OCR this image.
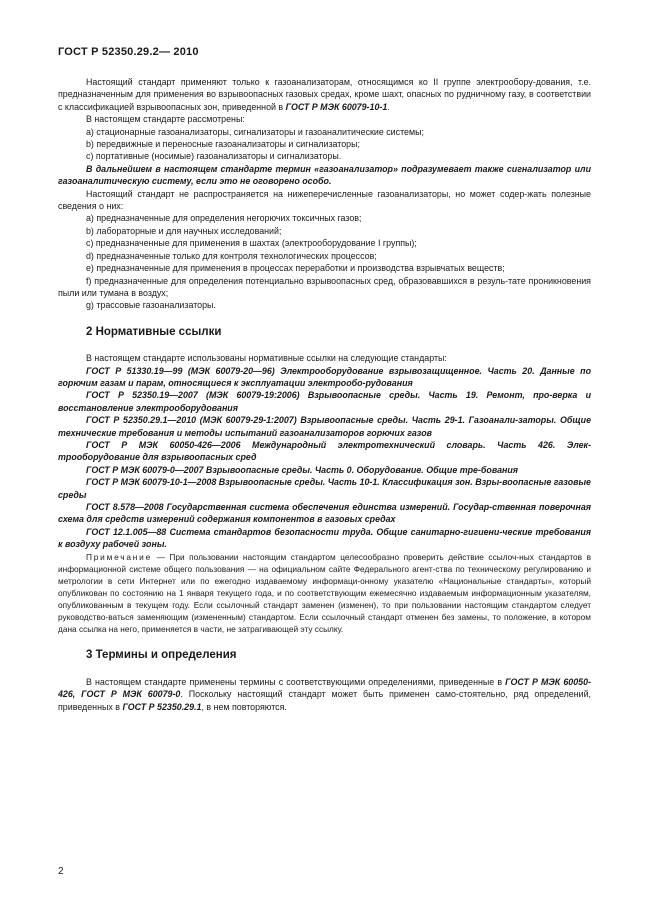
ГОСТ Р 52350.29.2— 2010

Настоящий стандарт применяют только к газоанализаторам, относящимся ко II группе электрообору-дования, т.е. предназначенным для применения во взрывоопасных газовых средах, кроме шахт, опасных по рудничному газу, в соответствии с классификацией взрывоопасных зон, приведенной в ГОСТ Р МЭК 60079-10-1.

В настоящем стандарте рассмотрены:

a) стационарные газоанализаторы, сигнализаторы и газоаналитические системы;

b) передвижные и переносные газоанализаторы и сигнализаторы;

c) портативные (носимые) газоанализаторы и сигнализаторы.

В дальнейшем в настоящем стандарте термин «газоанализатор» подразумевает также сигнализатор или газоаналитическую систему, если это не оговорено особо.

Настоящий стандарт не распространяется на нижеперечисленные газоанализаторы, но может содер-жать полезные сведения о них:

a) предназначенные для определения негорючих токсичных газов;

b) лабораторные и для научных исследований;

c) предназначенные для применения в шахтах (электрооборудование I группы);

d) предназначенные только для контроля технологических процессов;

e) предназначенные для применения в процессах переработки и производства взрывчатых веществ;

f) предназначенные для определения потенциально взрывоопасных сред, образовавшихся в резуль-тате проникновения пыли или тумана в воздух;

g) трассовые газоанализаторы.

2 Нормативные ссылки

В настоящем стандарте использованы нормативные ссылки на следующие стандарты:

ГОСТ Р 51330.19—99 (МЭК 60079-20—96) Электрооборудование взрывозащищенное. Часть 20. Данные по горючим газам и парам, относящиеся к эксплуатации электрообо-рудования

ГОСТ Р 52350.19—2007 (МЭК 60079-19:2006) Взрывоопасные среды. Часть 19. Ремонт, про-верка и восстановление электрооборудования

ГОСТ Р 52350.29.1—2010 (МЭК 60079-29-1:2007) Взрывоопасные среды. Часть 29-1. Газоанали-заторы. Общие технические требования и методы испытаний газоанализаторов горючих газов

ГОСТ Р МЭК 60050-426—2006 Международный электротехнический словарь. Часть 426. Элек-трооборудование для взрывоопасных сред

ГОСТ Р МЭК 60079-0—2007 Взрывоопасные среды. Часть 0. Оборудование. Общие тре-бования

ГОСТ Р МЭК 60079-10-1—2008 Взрывоопасные среды. Часть 10-1. Классификация зон. Взры-воопасные газовые среды

ГОСТ 8.578—2008 Государственная система обеспечения единства измерений. Государ-ственная поверочная схема для средств измерений содержания компонентов в газовых средах

ГОСТ 12.1.005—88 Система стандартов безопасности труда. Общие санитарно-гигиени-ческие требования к воздуху рабочей зоны.

Примечание — При пользовании настоящим стандартом целесообразно проверить действие ссылоч-ных стандартов в информационной системе общего пользования — на официальном сайте Федерального агент-ства по техническому регулированию и метрологии в сети Интернет или по ежегодно издаваемому информаци-онному указателю «Национальные стандарты», который опубликован по состоянию на 1 января текущего года, и по соответствующим ежемесячно издаваемым информационным указателям, опубликованным в текущем году. Если ссылочный стандарт заменен (изменен), то при пользовании настоящим стандартом следует руководство-ваться заменяющим (измененным) стандартом. Если ссылочный стандарт отменен без замены, то положение, в котором дана ссылка на него, применяется в части, не затрагивающей эту ссылку.

3 Термины и определения

В настоящем стандарте применены термины с соответствующими определениями, приведенные в ГОСТ Р МЭК 60050-426, ГОСТ Р МЭК 60079-0. Поскольку настоящий стандарт может быть применен само-стоятельно, ряд определений, приведенных в ГОСТ Р 52350.29.1, в нем повторяются.

2
